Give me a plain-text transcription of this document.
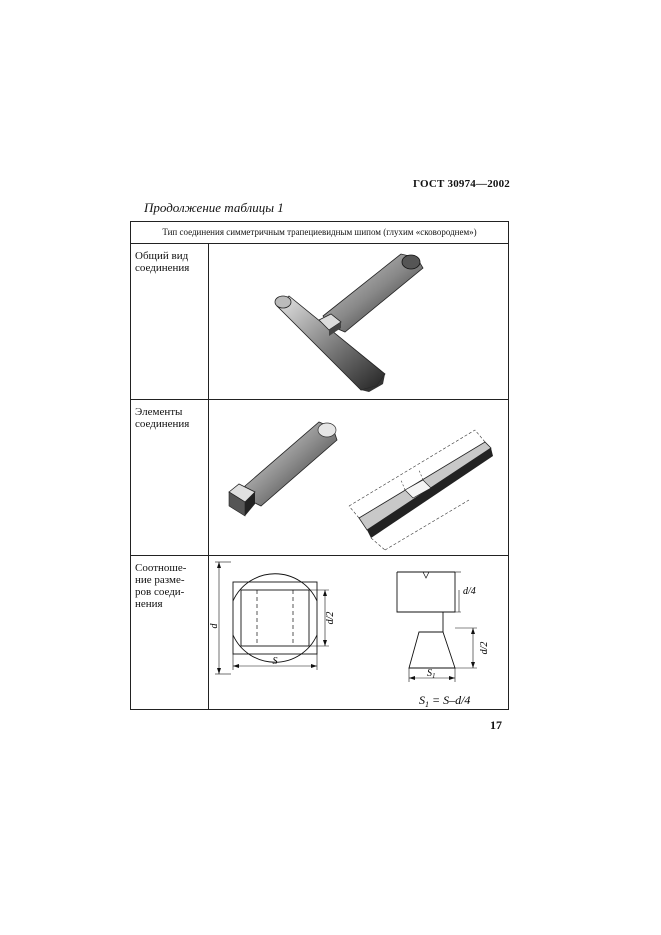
ГОСТ 30974—2002
Продолжение таблицы 1
Тип соединения симметричным трапециевидным шипом (глухим «сковороднем»)
Общий вид соединения
Элементы соединения
Соотноше-ние разме-ров соеди-нения
d
d/2
S
d/4
d/2
$S_1$
$S_1 = S-d/4$
17
